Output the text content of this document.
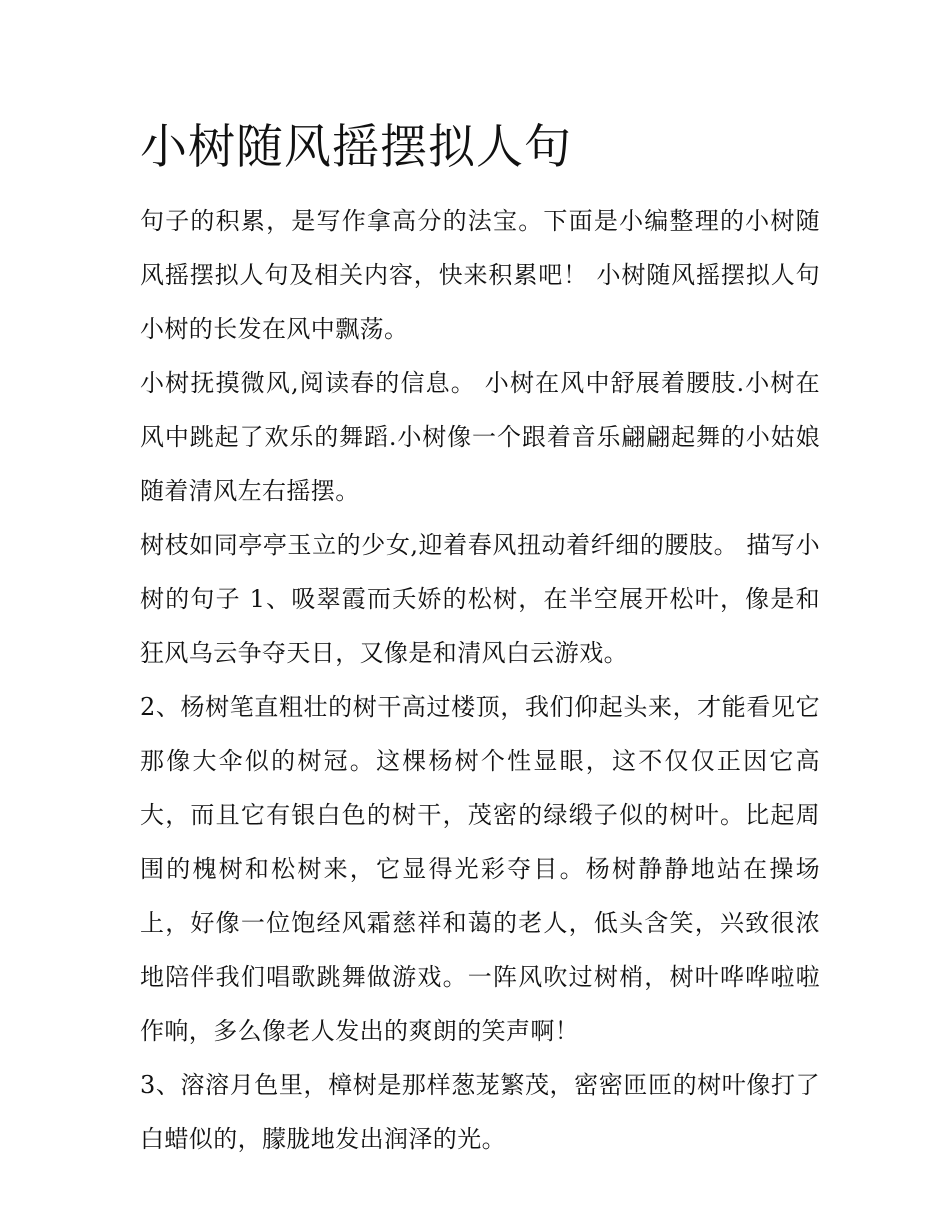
小树随风摇摆拟人句

句子的积累，是写作拿高分的法宝。下面是小编整理的小树随风摇摆拟人句及相关内容，快来积累吧！ 小树随风摇摆拟人句 小树的长发在风中飘荡。

小树抚摸微风,阅读春的信息。 小树在风中舒展着腰肢.小树在风中跳起了欢乐的舞蹈.小树像一个跟着音乐翩翩起舞的小姑娘随着清风左右摇摆。

树枝如同亭亭玉立的少女,迎着春风扭动着纤细的腰肢。 描写小树的句子 1、吸翠霞而夭娇的松树，在半空展开松叶，像是和狂风乌云争夺天日，又像是和清风白云游戏。

2、杨树笔直粗壮的树干高过楼顶，我们仰起头来，才能看见它那像大伞似的树冠。这棵杨树个性显眼，这不仅仅正因它高大，而且它有银白色的树干，茂密的绿缎子似的树叶。比起周围的槐树和松树来，它显得光彩夺目。杨树静静地站在操场上，好像一位饱经风霜慈祥和蔼的老人，低头含笑，兴致很浓地陪伴我们唱歌跳舞做游戏。一阵风吹过树梢，树叶哗哗啦啦作响，多么像老人发出的爽朗的笑声啊！

3、溶溶月色里，樟树是那样葱茏繁茂，密密匝匝的树叶像打了白蜡似的，朦胧地发出润泽的光。
